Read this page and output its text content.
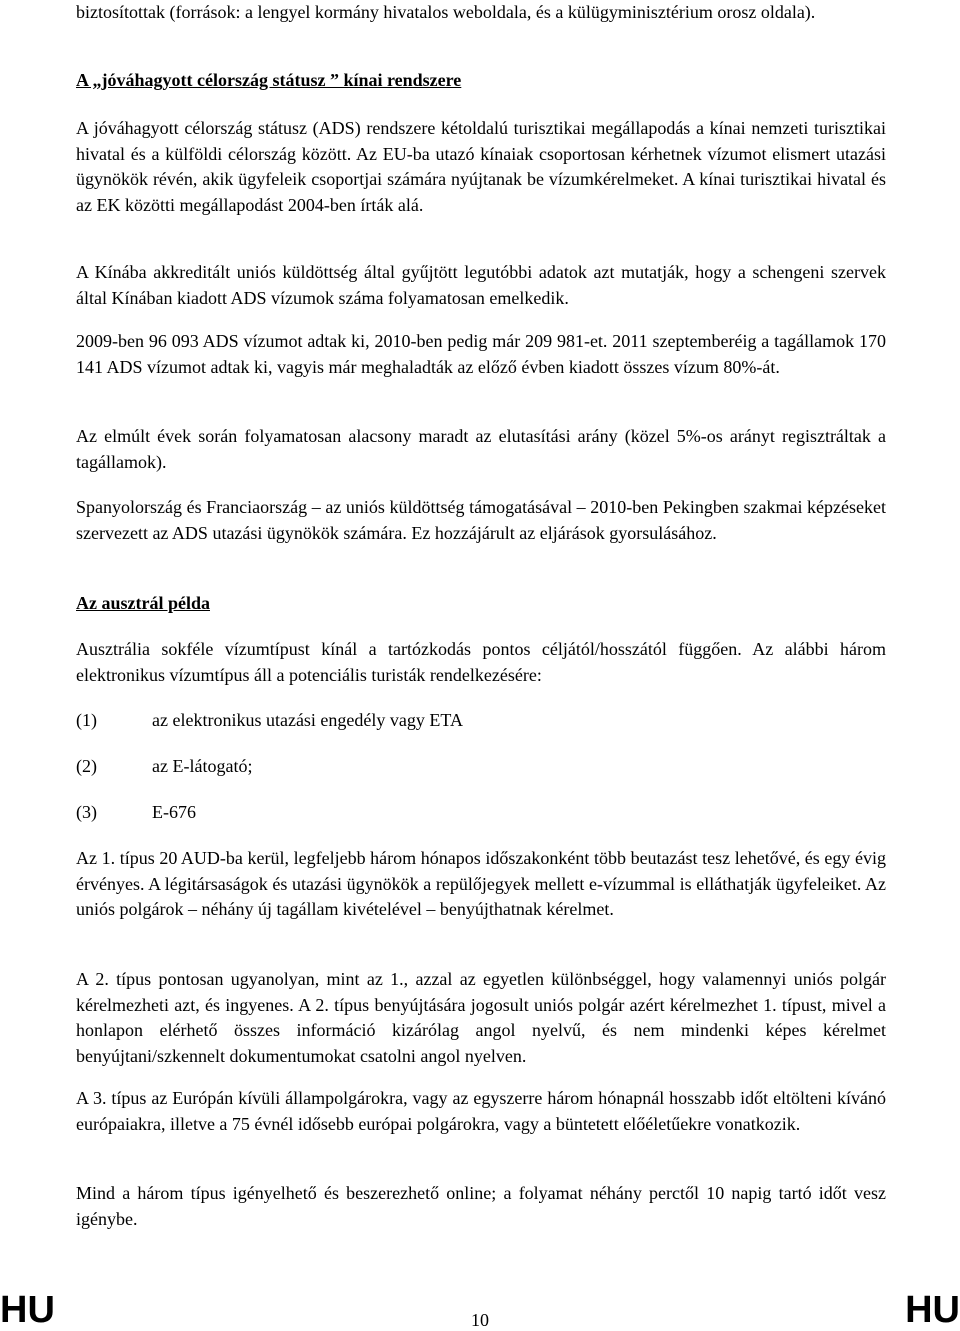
biztosítottak (források: a lengyel kormány hivatalos weboldala, és a külügyminisztérium orosz oldala).

A „jóváhagyott célország státusz ” kínai rendszere

A jóváhagyott célország státusz (ADS) rendszere kétoldalú turisztikai megállapodás a kínai nemzeti turisztikai hivatal és a külföldi célország között. Az EU-ba utazó kínaiak csoportosan kérhetnek vízumot elismert utazási ügynökök révén, akik ügyfeleik csoportjai számára nyújtanak be vízumkérelmeket. A kínai turisztikai hivatal és az EK közötti megállapodást 2004-ben írták alá.

A Kínába akkreditált uniós küldöttség által gyűjtött legutóbbi adatok azt mutatják, hogy a schengeni szervek által Kínában kiadott ADS vízumok száma folyamatosan emelkedik.

2009-ben 96 093 ADS vízumot adtak ki, 2010-ben pedig már 209 981-et. 2011 szeptemberéig a tagállamok 170 141 ADS vízumot adtak ki, vagyis már meghaladták az előző évben kiadott összes vízum 80%-át.

Az elmúlt évek során folyamatosan alacsony maradt az elutasítási arány (közel 5%-os arányt regisztráltak a tagállamok).

Spanyolország és Franciaország – az uniós küldöttség támogatásával – 2010-ben Pekingben szakmai képzéseket szervezett az ADS utazási ügynökök számára. Ez hozzájárult az eljárások gyorsulásához.

Az ausztrál példa

Ausztrália sokféle vízumtípust kínál a tartózkodás pontos céljától/hosszától függően. Az alábbi három elektronikus vízumtípus áll a potenciális turisták rendelkezésére:

(1)	az elektronikus utazási engedély vagy ETA
(2)	az E-látogató;
(3)	E-676

Az 1. típus 20 AUD-ba kerül, legfeljebb három hónapos időszakonként több beutazást tesz lehetővé, és egy évig érvényes. A légitársaságok és utazási ügynökök a repülőjegyek mellett e-vízummal is elláthatják ügyfeleiket. Az uniós polgárok – néhány új tagállam kivételével – benyújthatnak kérelmet.

A 2. típus pontosan ugyanolyan, mint az 1., azzal az egyetlen különbséggel, hogy valamennyi uniós polgár kérelmezheti azt, és ingyenes. A 2. típus benyújtására jogosult uniós polgár azért kérelmezhet 1. típust, mivel a honlapon elérhető összes információ kizárólag angol nyelvű, és nem mindenki képes kérelmet benyújtani/szkennelt dokumentumokat csatolni angol nyelven.

A 3. típus az Európán kívüli állampolgárokra, vagy az egyszerre három hónapnál hosszabb időt eltölteni kívánó európaiakra, illetve a 75 évnél idősebb európai polgárokra, vagy a büntetett előéletűekre vonatkozik.

Mind a három típus igényelhető és beszerezhető online; a folyamat néhány perctől 10 napig tartó időt vesz igénybe.

HU	HU
10
